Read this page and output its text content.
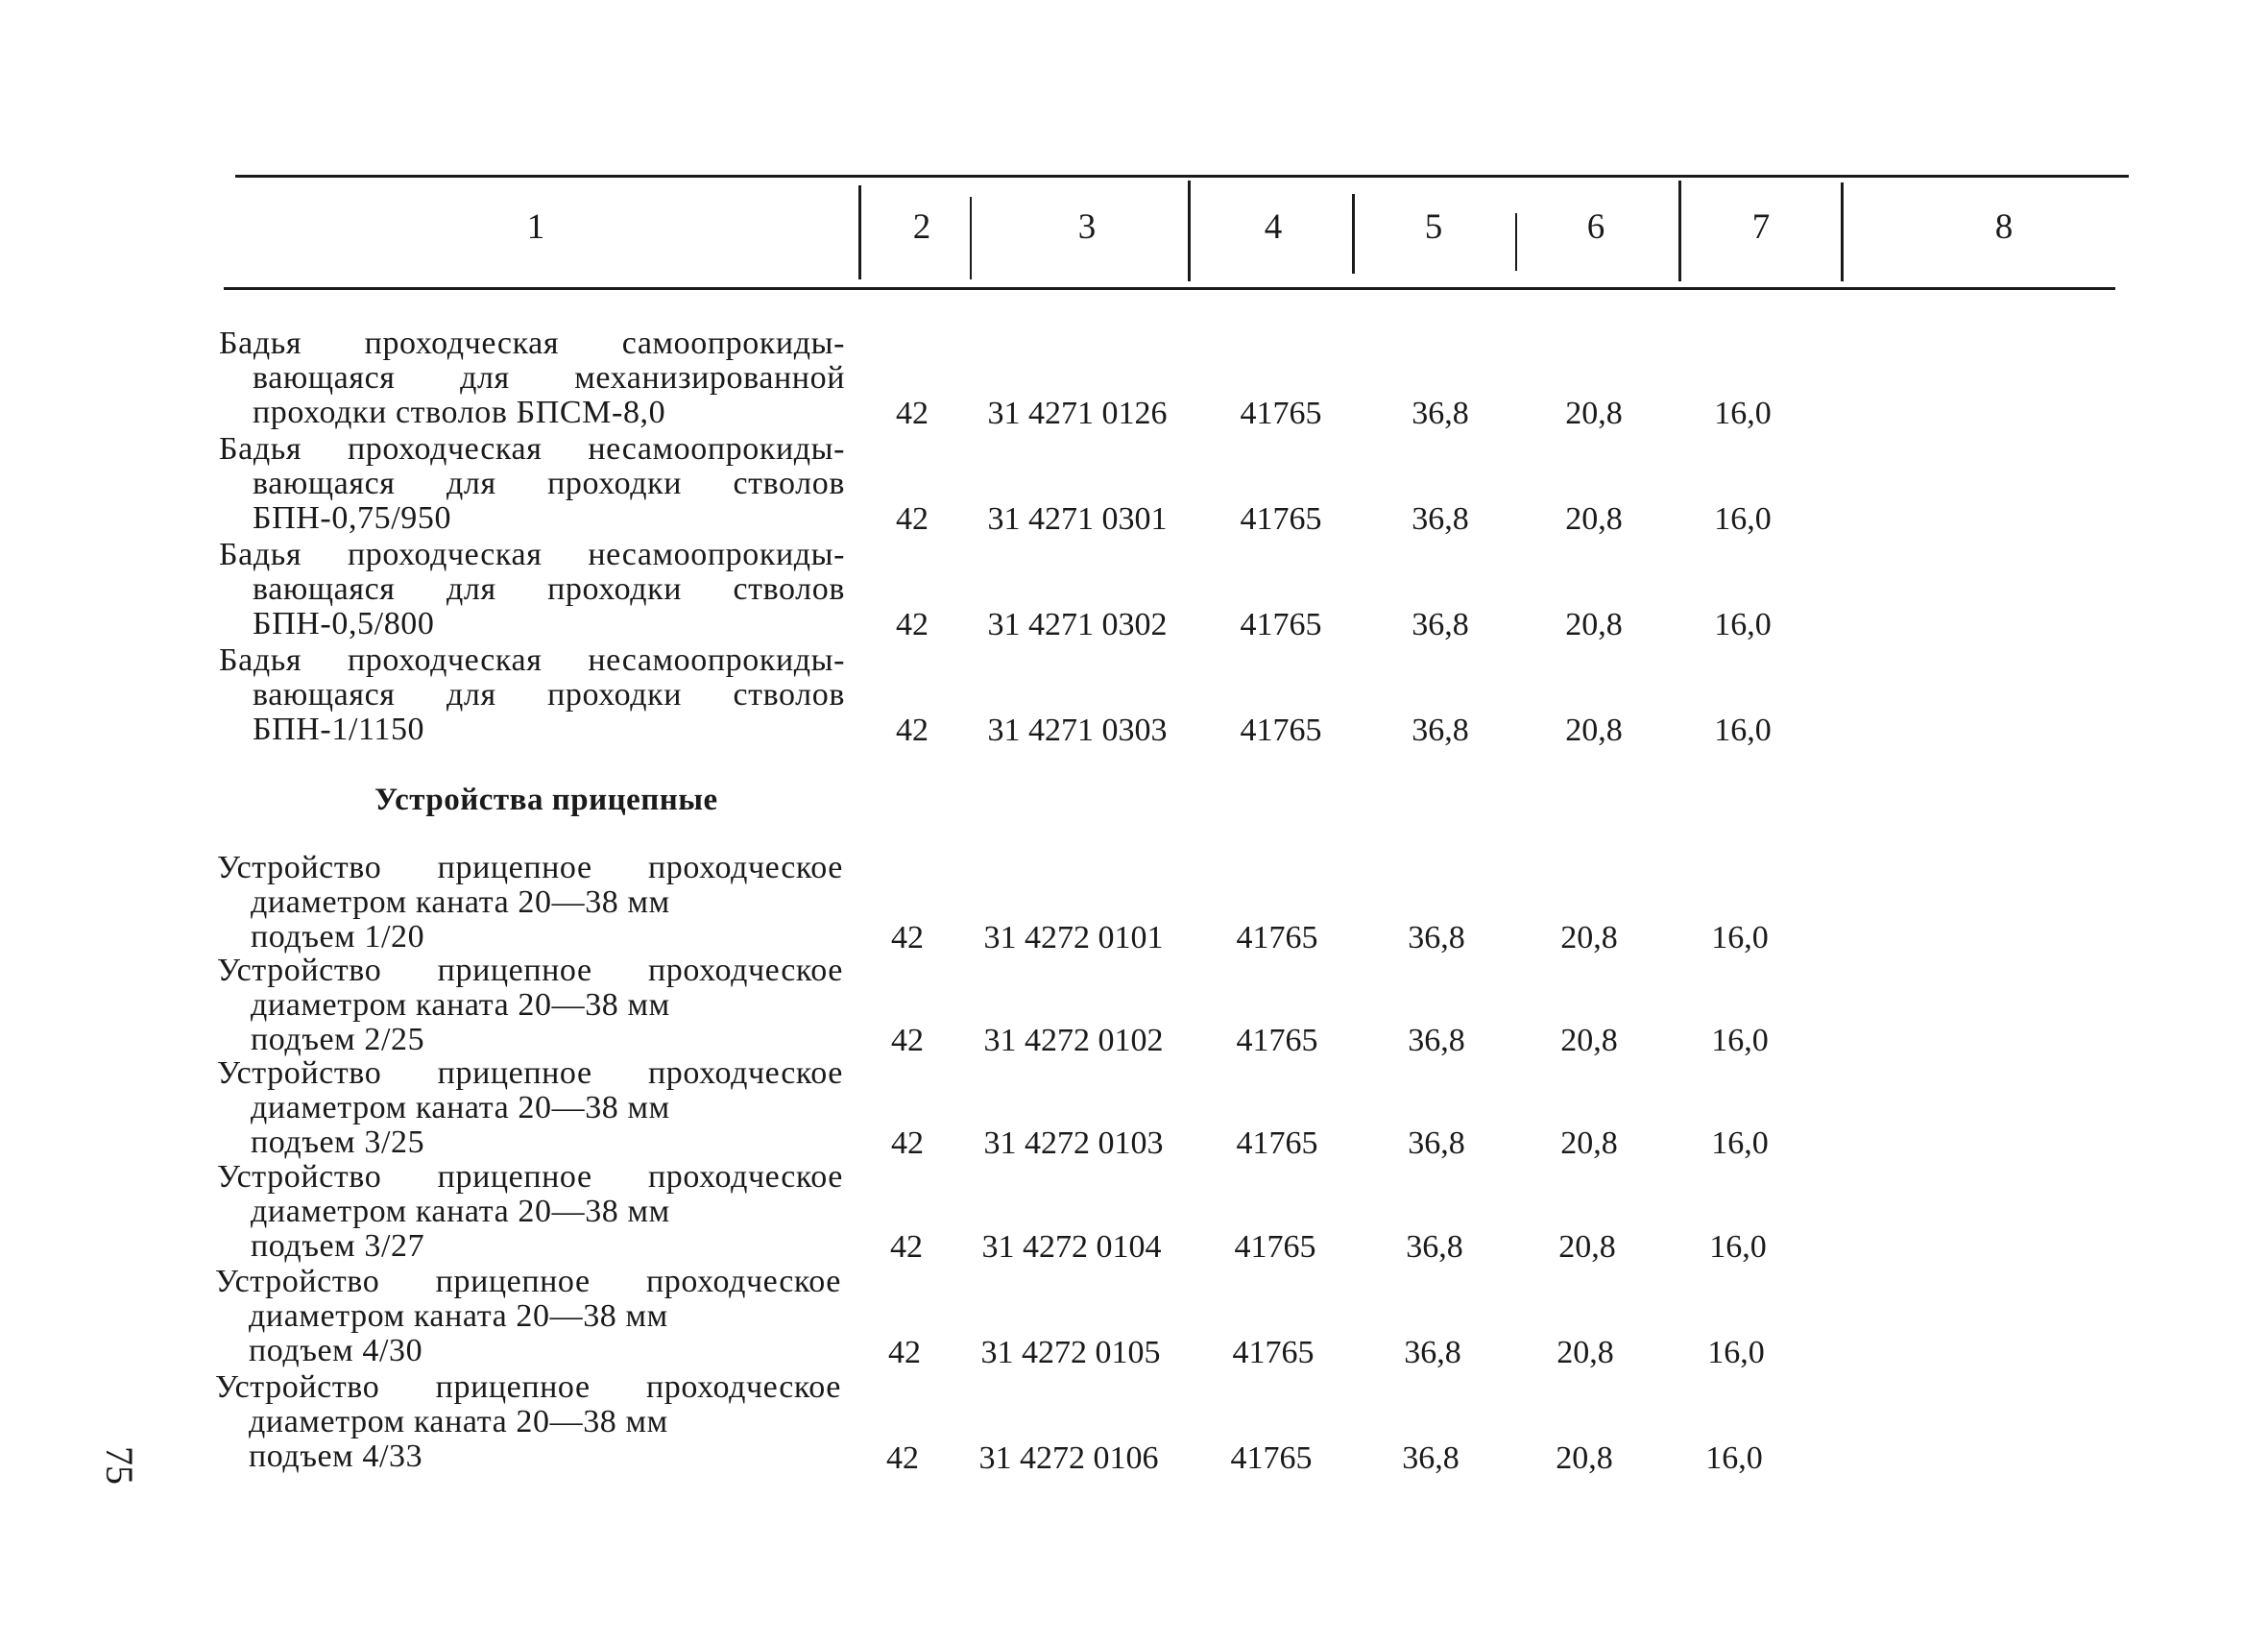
1	2	3	4	5	6	7	8
Бадья проходческая самоопрокиды-
вающаяся для механизированной
проходки стволов БПСМ-8,0	42	31 4271 0126	41765	36,8	20,8	16,0
Бадья проходческая несамоопрокиды-
вающаяся для проходки стволов
БПН-0,75/950	42	31 4271 0301	41765	36,8	20,8	16,0
Бадья проходческая несамоопрокиды-
вающаяся для проходки стволов
БПН-0,5/800	42	31 4271 0302	41765	36,8	20,8	16,0
Бадья проходческая несамоопрокиды-
вающаяся для проходки стволов
БПН-1/1150	42	31 4271 0303	41765	36,8	20,8	16,0
Устройства прицепные
Устройство прицепное проходческое
диаметром каната 20—38 мм
подъем 1/20	42	31 4272 0101	41765	36,8	20,8	16,0
Устройство прицепное проходческое
диаметром каната 20—38 мм
подъем 2/25	42	31 4272 0102	41765	36,8	20,8	16,0
Устройство прицепное проходческое
диаметром каната 20—38 мм
подъем 3/25	42	31 4272 0103	41765	36,8	20,8	16,0
Устройство прицепное проходческое
диаметром каната 20—38 мм
подъем 3/27	42	31 4272 0104	41765	36,8	20,8	16,0
Устройство прицепное проходческое
диаметром каната 20—38 мм
подъем 4/30	42	31 4272 0105	41765	36,8	20,8	16,0
Устройство прицепное проходческое
диаметром каната 20—38 мм
подъем 4/33	42	31 4272 0106	41765	36,8	20,8	16,0
75
